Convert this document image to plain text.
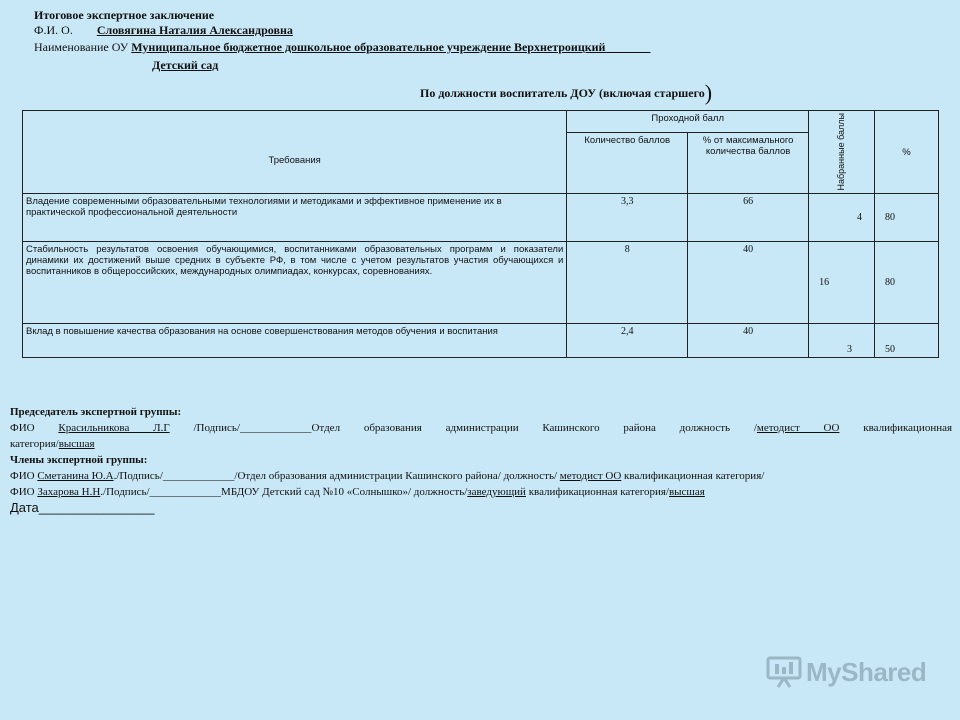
Итоговое экспертное заключение
Ф.И. О. Словягина Наталия Александровна
Наименование ОУ Муниципальное бюджетное дошкольное образовательное учреждение Верхнетроицкий
Детский сад
По должности воспитатель ДОУ (включая старшего)
Требования	Проходной балл		Набранные баллы	%
	Количество баллов	% от максимального количества баллов		
Владение современными образовательными технологиями и методиками и эффективное применение их в практической профессиональной деятельности	3,3	66	4	80
Стабильность результатов освоения обучающимися, воспитанниками образовательных программ и показатели динамики их достижений выше средних в субъекте РФ, в том числе с учетом результатов участия обучающихся и воспитанников в общероссийских, международных олимпиадах, конкурсах, соревнованиях.	8	40	16	80
Вклад в повышение качества образования на основе совершенствования методов обучения и воспитания	2,4	40	3	50
Председатель экспертной группы:
ФИО Красильникова Л.Г /Подпись/_____________Отдел образования администрации Кашинского района должность /методист ОО квалификационная
категория/высшая
Члены экспертной группы:
ФИО Сметанина Ю.А./Подпись/_____________/Отдел образования администрации Кашинского района/ должность/ методист ОО квалификационная категория/
ФИО Захарова Н.Н./Подпись/_____________МБДОУ Детский сад №10 «Солнышко»/ должность/заведующий квалификационная категория/высшая
Дата________________
MyShared
